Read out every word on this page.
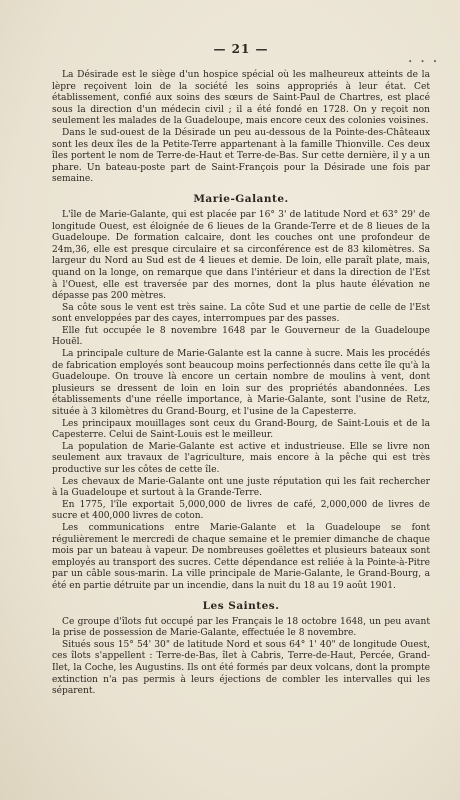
• • •
— 21 —

La Désirade est le siège d'un hospice spécial où les malheureux atteints de la lèpre reçoivent loin de la société les soins appropriés à leur état. Cet établissement, confié aux soins des sœurs de Saint-Paul de Chartres, est placé sous la direction d'un médecin civil ; il a été fondé en 1728. On y reçoit non seulement les malades de la Guadeloupe, mais encore ceux des colonies voisines.

Dans le sud-ouest de la Désirade un peu au-dessous de la Pointe-des-Châteaux sont les deux îles de la Petite-Terre appartenant à la famille Thionville. Ces deux îles portent le nom de Terre-de-Haut et Terre-de-Bas. Sur cette dernière, il y a un phare. Un bateau-poste part de Saint-François pour la Désirade une fois par semaine.

Marie-Galante.

L'île de Marie-Galante, qui est placée par 16° 3' de latitude Nord et 63° 29' de longitude Ouest, est éloignée de 6 lieues de la Grande-Terre et de 8 lieues de la Guadeloupe. De formation calcaire, dont les couches ont une profondeur de 24m,36, elle est presque circulaire et sa circonférence est de 83 kilomètres. Sa largeur du Nord au Sud est de 4 lieues et demie. De loin, elle paraît plate, mais, quand on la longe, on remarque que dans l'intérieur et dans la direction de l'Est à l'Ouest, elle est traversée par des mornes, dont la plus haute élévation ne dépasse pas 200 mètres.

Sa côte sous le vent est très saine. La côte Sud et une partie de celle de l'Est sont enveloppées par des cayes, interrompues par des passes.

Elle fut occupée le 8 novembre 1648 par le Gouverneur de la Guadeloupe Houël.

La principale culture de Marie-Galante est la canne à sucre. Mais les procédés de fabrication employés sont beaucoup moins perfectionnés dans cette île qu'à la Guadeloupe. On trouve là encore un certain nombre de moulins à vent, dont plusieurs se dressent de loin en loin sur des propriétés abandonnées. Les établissements d'une réelle importance, à Marie-Galante, sont l'usine de Retz, située à 3 kilomètres du Grand-Bourg, et l'usine de la Capesterre.

Les principaux mouillages sont ceux du Grand-Bourg, de Saint-Louis et de la Capesterre. Celui de Saint-Louis est le meilleur.

La population de Marie-Galante est active et industrieuse. Elle se livre non seulement aux travaux de l'agriculture, mais encore à la pêche qui est très productive sur les côtes de cette île.

Les chevaux de Marie-Galante ont une juste réputation qui les fait rechercher à la Guadeloupe et surtout à la Grande-Terre.

En 1775, l'île exportait 5,000,000 de livres de café, 2,000,000 de livres de sucre et 400,000 livres de coton.

Les communications entre Marie-Galante et la Guadeloupe se font régulièrement le mercredi de chaque semaine et le premier dimanche de chaque mois par un bateau à vapeur. De nombreuses goëlettes et plusieurs bateaux sont employés au transport des sucres. Cette dépendance est reliée à la Pointe-à-Pitre par un câble sous-marin. La ville principale de Marie-Galante, le Grand-Bourg, a été en partie détruite par un incendie, dans la nuit du 18 au 19 août 1901.

Les Saintes.

Ce groupe d'îlots fut occupé par les Français le 18 octobre 1648, un peu avant la prise de possession de Marie-Galante, effectuée le 8 novembre.

Situés sous 15° 54' 30" de latitude Nord et sous 64° 1' 40" de longitude Ouest, ces îlots s'appellent : Terre-de-Bas, îlet à Cabris, Terre-de-Haut, Percée, Grand-Ilet, la Coche, les Augustins. Ils ont été formés par deux volcans, dont la prompte extinction n'a pas permis à leurs éjections de combler les intervalles qui les séparent.
